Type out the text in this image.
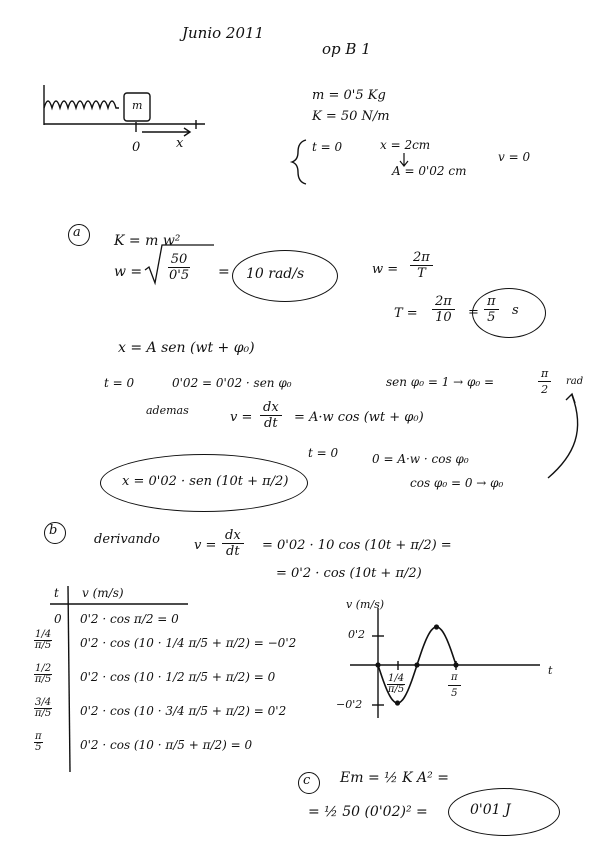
Junio 2011
op B 1
m
0	x
m = 0'5 Kg
K = 50 N/m
t = 0	x = 2cm
A = 0'02 cm
v = 0
a
K = m w²
$w = \frac{50}{0'5} = 10$ rad/s	$w = \frac{2\pi}{T}$
$T = \frac{2\pi}{10} = \frac{\pi}{5}$ s
x = A sen (wt + φ₀)
t = 0	0'02 = 0'02 · sen φ₀	sen φ₀ = 1 → φ₀ =	$\frac{\pi}{2}$ rad
ademas	$v = \frac{dx}{dt} = A\cdot w$ cos (wt + φ₀)
t = 0	0 = A·w · cos φ₀
cos φ₀ = 0 → φ₀
x = 0'02 · sen (10t + π/2)
b
derivando	$v = \frac{dx}{dt} = 0'02 \cdot 10$ cos (10t + π/2) =
= 0'2 · cos (10t + π/2)
t v (m/s)
0 0'2 · cos π/2 = 0
1/4
π/5 0'2 · cos (10 · 1/4 π/5 + π/2) = −0'2
1/2
π/5 0'2 · cos (10 · 1/2 π/5 + π/2) = 0
3/4
π/5 0'2 · cos (10 · 3/4 π/5 + π/2) = 0'2
π
5	0'2 · cos (10 · π/5 + π/2) = 0
v (m/s)
t
0'2
−0'2
1/4
π/5	$\frac{\pi}{5}$
c Em = ½ K A² =
= ½ 50 (0'02)² =	0'01 J
